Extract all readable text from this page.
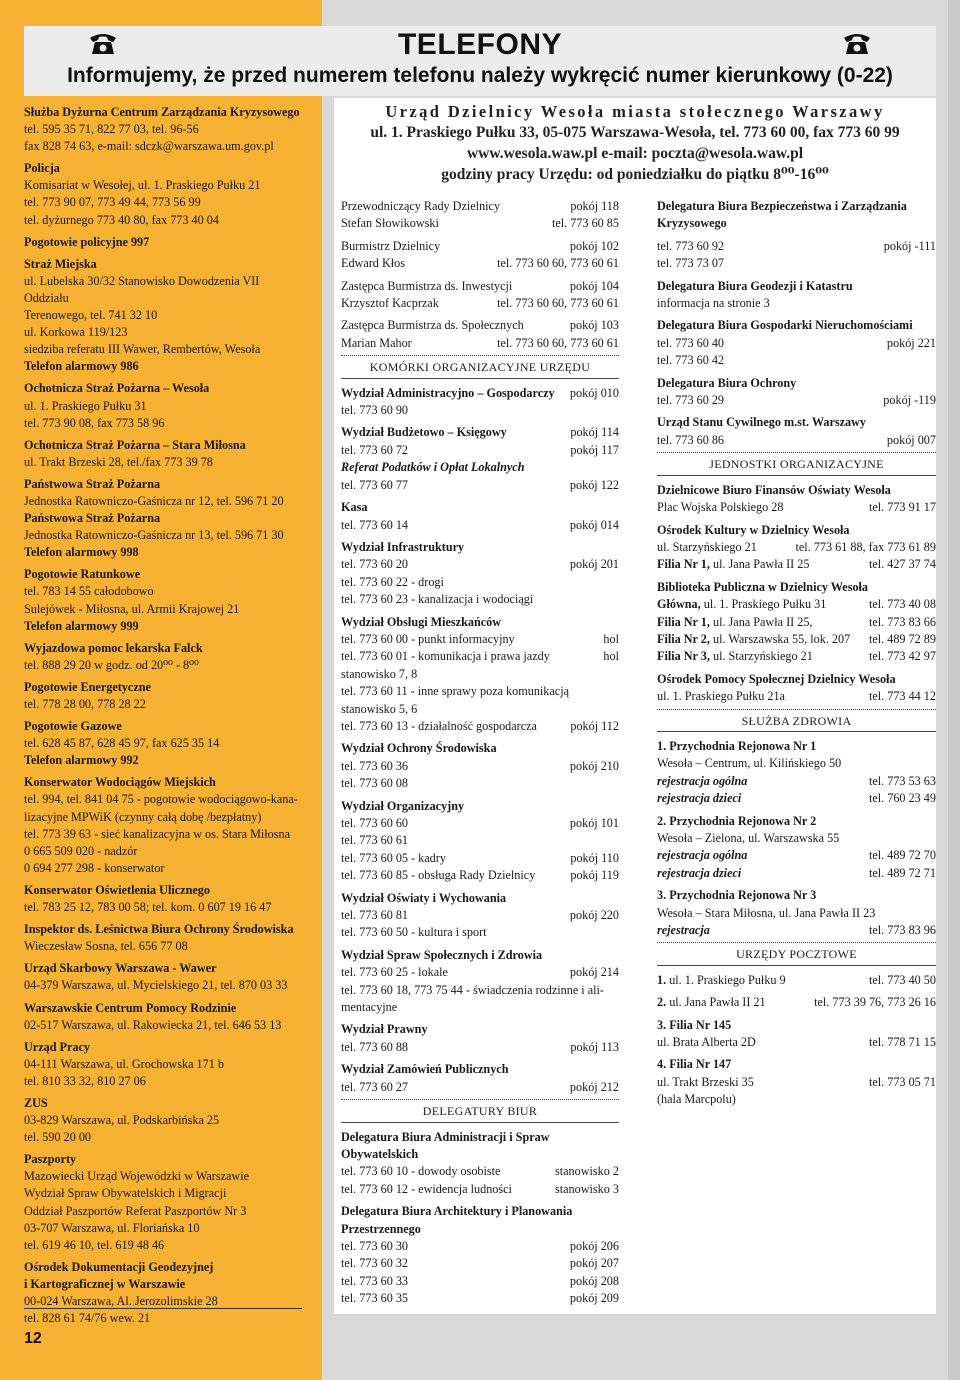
TELEFONY
Informujemy, że przed numerem telefonu należy wykręcić numer kierunkowy (0-22)
Służba Dyżurna Centrum Zarządzania Kryzysowego
tel. 595 35 71, 822 77 03, tel. 96-56
fax 828 74 63, e-mail: sdczk@warszawa.um.gov.pl
Policja
Komisariat w Wesołej, ul. 1. Praskiego Pułku 21
tel. 773 90 07, 773 49 44, 773 56 99
tel. dyżurnego 773 40 80, fax 773 40 04
Pogotowie policyjne 997
Straż Miejska
ul. Lubelska 30/32 Stanowisko Dowodzenia VII Oddziału
Terenowego, tel. 741 32 10
ul. Korkowa 119/123
siedziba referatu III Wawer, Rembertów, Wesoła
Telefon alarmowy 986
Ochotnicza Straż Pożarna – Wesoła
ul. 1. Praskiego Pułku 31
tel. 773 90 08, fax 773 58 96
Ochotnicza Straż Pożarna – Stara Miłosna
ul. Trakt Brzeski 28, tel./fax 773 39 78
Państwowa Straż Pożarna
Jednostka Ratowniczo-Gaśnicza nr 12, tel. 596 71 20
Państwowa Straż Pożarna
Jednostka Ratowniczo-Gaśnicza nr 13, tel. 596 71 30
Telefon alarmowy 998
Pogotowie Ratunkowe
tel. 783 14 55 całodobowo
Sulejówek - Miłosna, ul. Armii Krajowej 21
Telefon alarmowy 999
Wyjazdowa pomoc lekarska Falck
tel. 888 29 20 w godz. od 20⁰⁰ - 8⁰⁰
Pogotowie Energetyczne
tel. 778 28 00, 778 28 22
Pogotowie Gazowe
tel. 628 45 87, 628 45 97, fax 625 35 14
Telefon alarmowy 992
Konserwator Wodociągów Miejskich
tel. 994, tel. 841 04 75 - pogotowie wodociągowo-kana-
lizacyjne MPWiK (czynny całą dobę /bezpłatny)
tel. 773 39 63 - sieć kanalizacyjna w os. Stara Miłosna
0 665 509 020 - nadzór
0 694 277 298 - konserwator
Konserwator Oświetlenia Ulicznego
tel. 783 25 12, 783 00 58; tel. kom. 0 607 19 16 47
Inspektor ds. Leśnictwa Biura Ochrony Środowiska
Wieczesław Sosna, tel. 656 77 08
Urząd Skarbowy Warszawa - Wawer
04-379 Warszawa, ul. Mycielskiego 21, tel. 870 03 33
Warszawskie Centrum Pomocy Rodzinie
02-517 Warszawa, ul. Rakowiecka 21, tel. 646 53 13
Urząd Pracy
04-111 Warszawa, ul. Grochowska 171 b
tel. 810 33 32, 810 27 06
ZUS
03-829 Warszawa, ul. Podskarbińska 25
tel. 590 20 00
Paszporty
Mazowiecki Urząd Wojewódzki w Warszawie
Wydział Spraw Obywatelskich i Migracji
Oddział Paszportów Referat Paszportów Nr 3
03-707 Warszawa, ul. Floriańska 10
tel. 619 46 10, tel. 619 48 46
Ośrodek Dokumentacji Geodezyjnej
i Kartograficznej w Warszawie
00-024 Warszawa, Al. Jerozolimskie 28
tel. 828 61 74/76 wew. 21
12
Urząd Dzielnicy Wesoła miasta stołecznego Warszawy
ul. 1. Praskiego Pułku 33, 05-075 Warszawa-Wesoła, tel. 773 60 00, fax 773 60 99
www.wesola.waw.pl e-mail: poczta@wesola.waw.pl
godziny pracy Urzędu: od poniedziałku do piątku 8⁰⁰-16⁰⁰
Przewodniczący Rady Dzielnicy	pokój 118
Stefan Słowikowski	tel. 773 60 85
Burmistrz Dzielnicy	pokój 102
Edward Kłos	tel. 773 60 60, 773 60 61
Zastępca Burmistrza ds. Inwestycji	pokój 104
Krzysztof Kacprzak	tel. 773 60 60, 773 60 61
Zastępca Burmistrza ds. Społecznych	pokój 103
Marian Mahor	tel. 773 60 60, 773 60 61
KOMÓRKI ORGANIZACYJNE URZĘDU
Wydział Administracyjno – Gospodarczy pokój 010
tel. 773 60 90
Wydział Budżetowo – Księgowy	pokój 114
tel. 773 60 72	pokój 117
Referat Podatków i Opłat Lokalnych
tel. 773 60 77	pokój 122
Kasa
tel. 773 60 14	pokój 014
Wydział Infrastruktury
tel. 773 60 20	pokój 201
tel. 773 60 22 - drogi
tel. 773 60 23 - kanalizacja i wodociągi
Wydział Obsługi Mieszkańców
tel. 773 60 00 - punkt informacyjny	hol
tel. 773 60 01 - komunikacja i prawa jazdy	hol
stanowisko 7, 8
tel. 773 60 11 - inne sprawy poza komunikacją
stanowisko 5, 6
tel. 773 60 13 - działalność gospodarcza	pokój 112
Wydział Ochrony Środowiska
tel. 773 60 36	pokój 210
tel. 773 60 08
Wydział Organizacyjny
tel. 773 60 60	pokój 101
tel. 773 60 61
tel. 773 60 05 - kadry	pokój 110
tel. 773 60 85 - obsługa Rady Dzielnicy	pokój 119
Wydział Oświaty i Wychowania
tel. 773 60 81	pokój 220
tel. 773 60 50 - kultura i sport
Wydział Spraw Społecznych i Zdrowia
tel. 773 60 25 - lokale	pokój 214
tel. 773 60 18, 773 75 44 - świadczenia rodzinne i ali-
mentacyjne
Wydział Prawny
tel. 773 60 88	pokój 113
Wydział Zamówień Publicznych
tel. 773 60 27	pokój 212
DELEGATURY BIUR
Delegatura Biura Administracji i Spraw Obywatelskich
tel. 773 60 10 - dowody osobiste	stanowisko 2
tel. 773 60 12 - ewidencja ludności	stanowisko 3
Delegatura Biura Architektury i Planowania
Przestrzennego
tel. 773 60 30	pokój 206
tel. 773 60 32	pokój 207
tel. 773 60 33	pokój 208
tel. 773 60 35	pokój 209
Delegatura Biura Bezpieczeństwa i Zarządzania
Kryzysowego
tel. 773 60 92	pokój -111
tel. 773 73 07
Delegatura Biura Geodezji i Katastru
informacja na stronie 3
Delegatura Biura Gospodarki Nieruchomościami
tel. 773 60 40	pokój 221
tel. 773 60 42
Delegatura Biura Ochrony
tel. 773 60 29	pokój -119
Urząd Stanu Cywilnego m.st. Warszawy
tel. 773 60 86	pokój 007
JEDNOSTKI ORGANIZACYJNE
Dzielnicowe Biuro Finansów Oświaty Wesoła
Plac Wojska Polskiego 28	tel. 773 91 17
Ośrodek Kultury w Dzielnicy Wesoła
ul. Starzyńskiego 21	tel. 773 61 88, fax 773 61 89
Filia Nr 1, ul. Jana Pawła II 25	tel. 427 37 74
Biblioteka Publiczna w Dzielnicy Wesoła
Główna, ul. 1. Praskiego Pułku 31	tel. 773 40 08
Filia Nr 1, ul. Jana Pawła II 25,	tel. 773 83 66
Filia Nr 2, ul. Warszawska 55, lok. 207 tel. 489 72 89
Filia Nr 3, ul. Starzyńskiego 21	tel. 773 42 97
Ośrodek Pomocy Społecznej Dzielnicy Wesoła
ul. 1. Praskiego Pułku 21a	tel. 773 44 12
SŁUŻBA ZDROWIA
1. Przychodnia Rejonowa Nr 1
Wesoła – Centrum, ul. Kilińskiego 50
rejestracja ogólna	tel. 773 53 63
rejestracja dzieci	tel. 760 23 49
2. Przychodnia Rejonowa Nr 2
Wesoła – Zielona, ul. Warszawska 55
rejestracja ogólna	tel. 489 72 70
rejestracja dzieci	tel. 489 72 71
3. Przychodnia Rejonowa Nr 3
Wesoła – Stara Miłosna, ul. Jana Pawła II 23
rejestracja	tel. 773 83 96
URZĘDY POCZTOWE
1. ul. 1. Praskiego Pułku 9	tel. 773 40 50
2. ul. Jana Pawła II 21	tel. 773 39 76, 773 26 16
3. Filia Nr 145
ul. Brata Alberta 2D	tel. 778 71 15
4. Filia Nr 147
ul. Trakt Brzeski 35	tel. 773 05 71
(hala Marcpolu)
